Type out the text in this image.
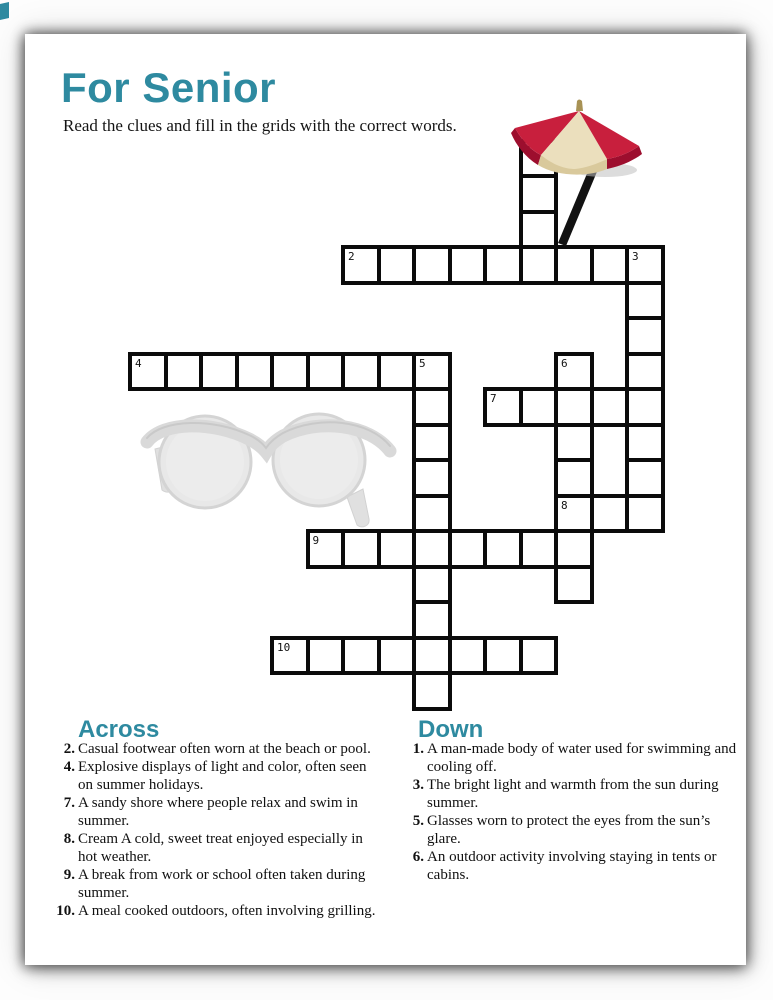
For Senior

Read the clues and fill in the grids with the correct words.

2	3
4	5	6
8
7
9
10
Across	Down
2. Casual footwear often worn at the beach or pool.
4. Explosive displays of light and color, often seen
on summer holidays.
7. A sandy shore where people relax and swim in
summer.
8. Cream A cold, sweet treat enjoyed especially in
hot weather.
9. A break from work or school often taken during
summer.
10. A meal cooked outdoors, often involving grilling.
1. A man-made body of water used for swimming and
cooling off.
3. The bright light and warmth from the sun during
summer.
5. Glasses worn to protect the eyes from the sun’s
glare.
6. An outdoor activity involving staying in tents or
cabins.
